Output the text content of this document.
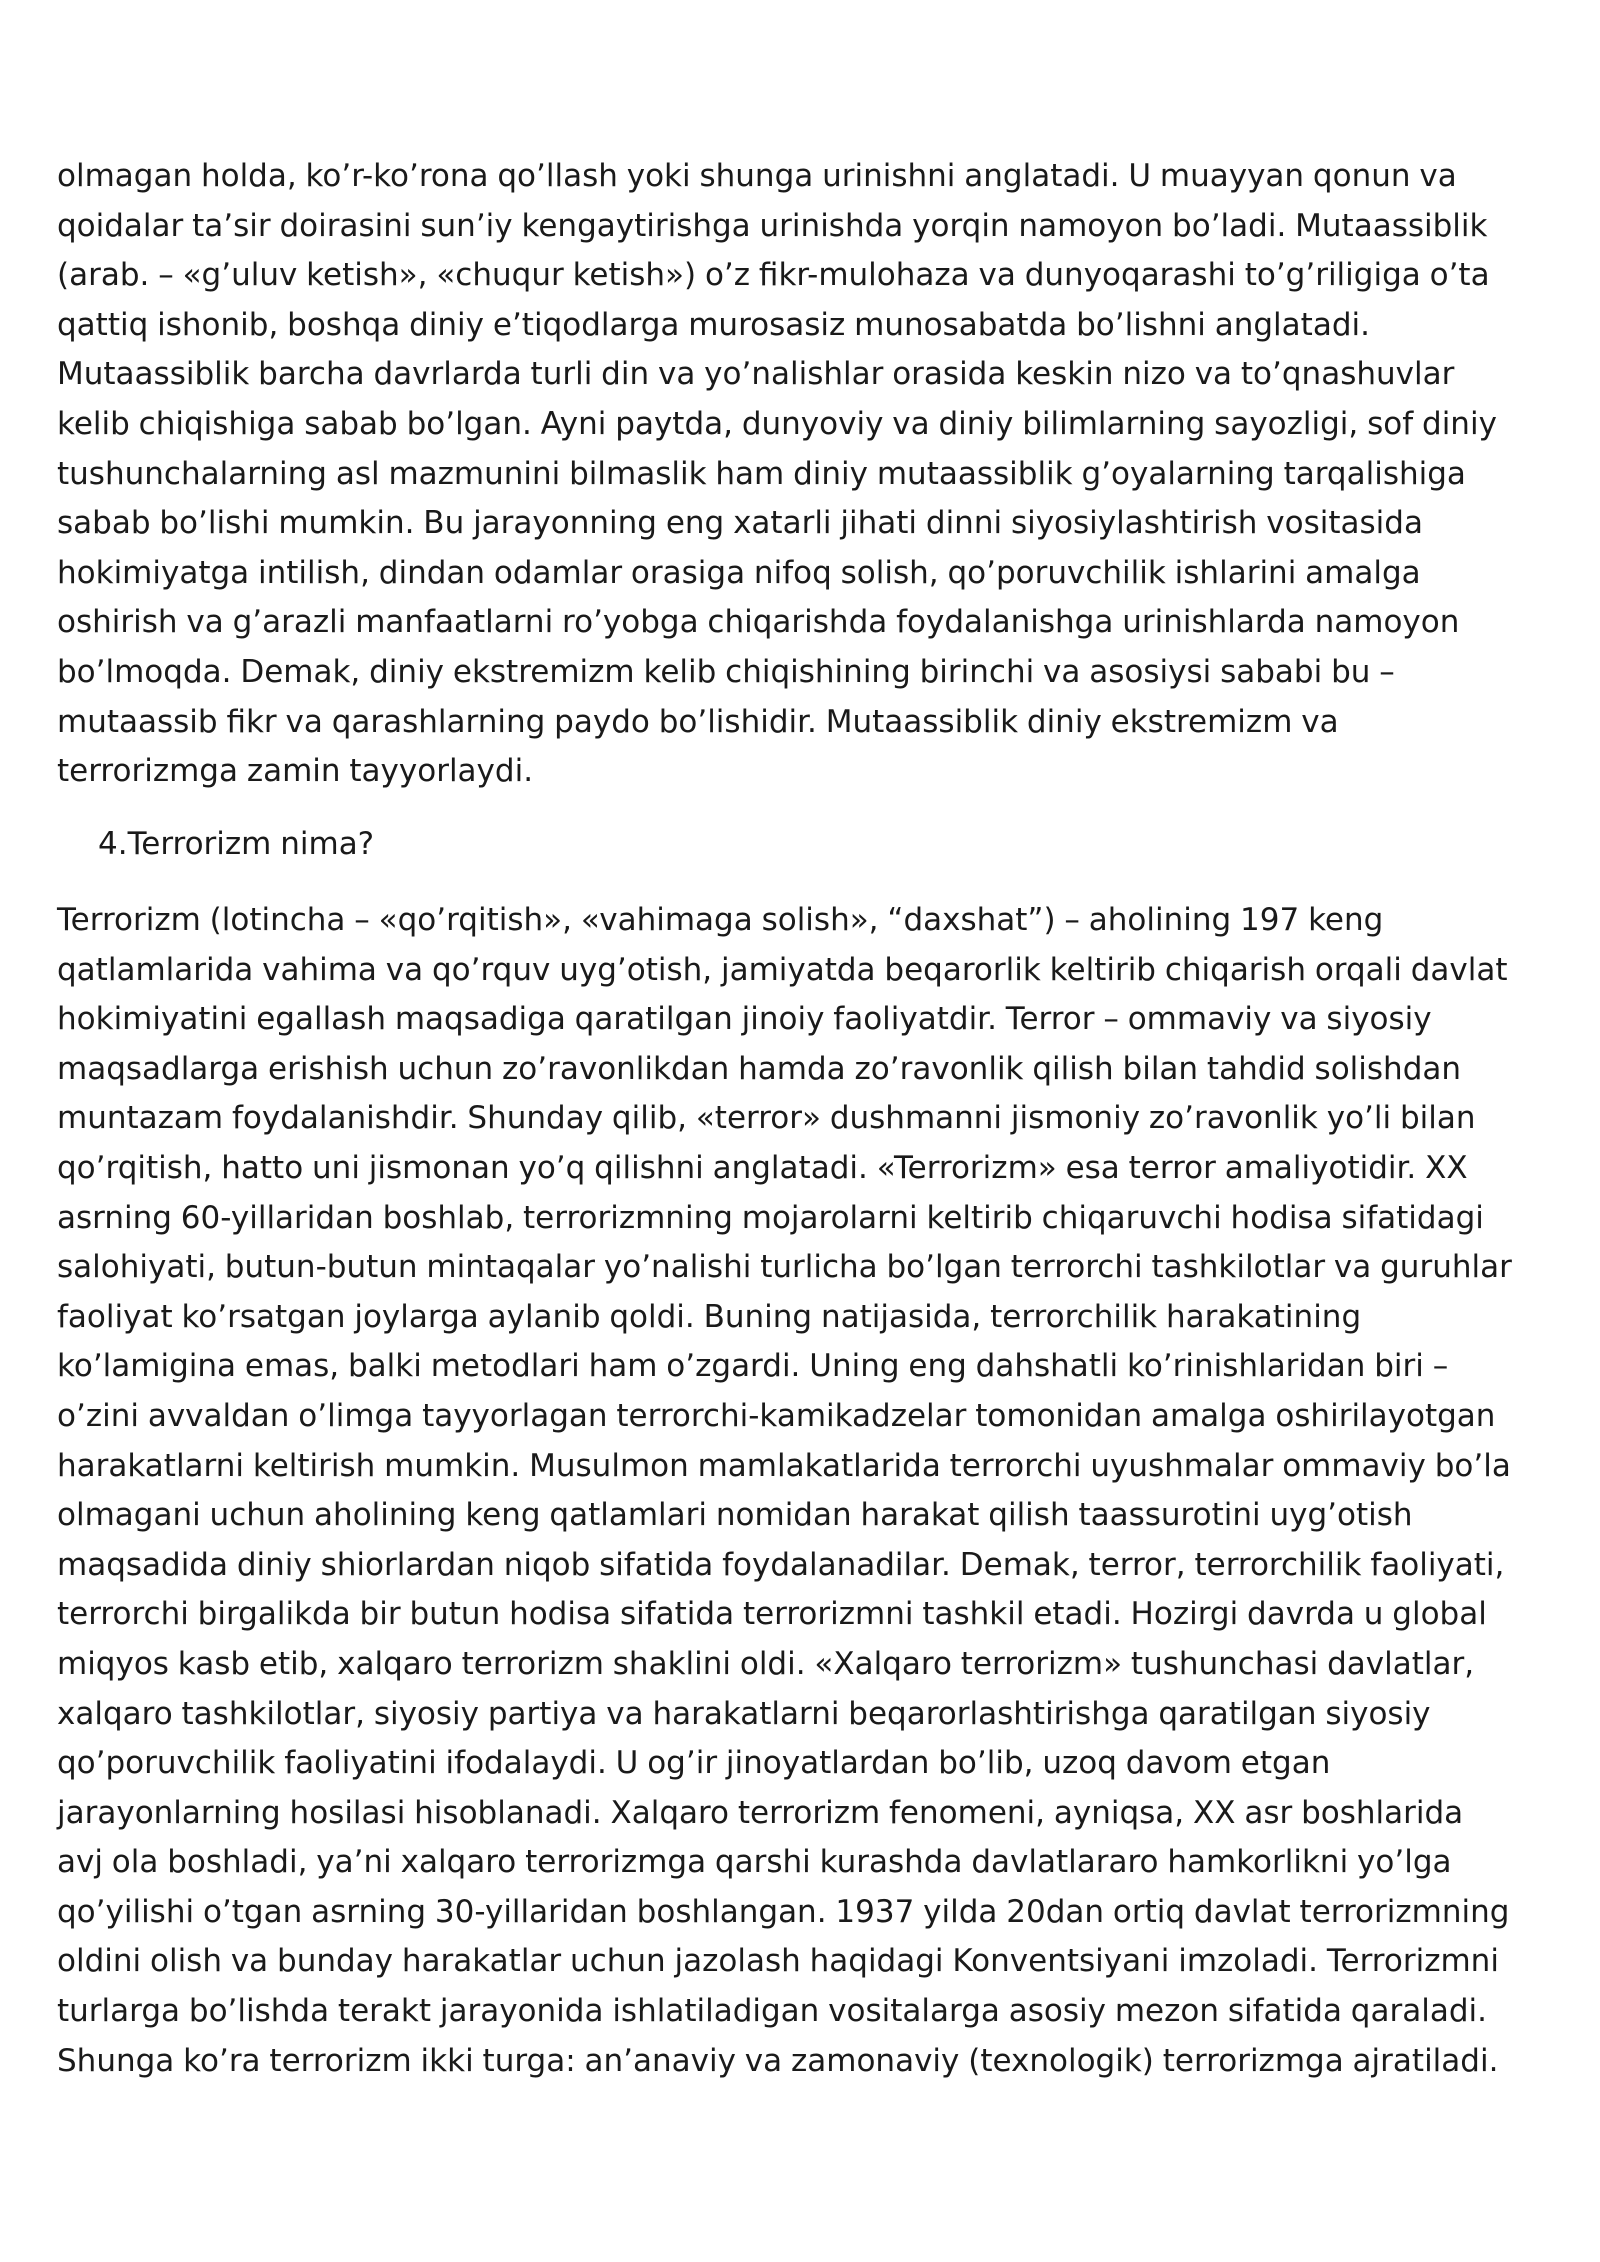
olmagan holda, ko’r-ko’rona qo’llash yoki shunga urinishni anglatadi. U muayyan qonun va qoidalar ta’sir doirasini sun’iy kengaytirishga urinishda yorqin namoyon bo’ladi. Mutaassiblik (arab. – «g’uluv ketish», «chuqur ketish») o’z fikr-mulohaza va dunyoqarashi to’g’riligiga o’ta qattiq ishonib, boshqa diniy e’tiqodlarga murosasiz munosabatda bo’lishni anglatadi. Mutaassiblik barcha davrlarda turli din va yo’nalishlar orasida keskin nizo va to’qnashuvlar kelib chiqishiga sabab bo’lgan. Ayni paytda, dunyoviy va diniy bilimlarning sayozligi, sof diniy tushunchalarning asl mazmunini bilmaslik ham diniy mutaassiblik g’oyalarning tarqalishiga sabab bo’lishi mumkin. Bu jarayonning eng xatarli jihati dinni siyosiylashtirish vositasida hokimiyatga intilish, dindan odamlar orasiga nifoq solish, qo’poruvchilik ishlarini amalga oshirish va g’arazli manfaatlarni ro’yobga chiqarishda foydalanishga urinishlarda namoyon bo’lmoqda. Demak, diniy ekstremizm kelib chiqishining birinchi va asosiysi sababi bu – mutaassib fikr va qarashlarning paydo bo’lishidir. Mutaassiblik diniy ekstremizm va terrorizmga zamin tayyorlaydi.

4.Terrorizm nima?

Terrorizm (lotincha – «qo’rqitish», «vahimaga solish», “daxshat”) – aholining 197 keng qatlamlarida vahima va qo’rquv uyg’otish, jamiyatda beqarorlik keltirib chiqarish orqali davlat hokimiyatini egallash maqsadiga qaratilgan jinoiy faoliyatdir. Terror – ommaviy va siyosiy maqsadlarga erishish uchun zo’ravonlikdan hamda zo’ravonlik qilish bilan tahdid solishdan muntazam foydalanishdir. Shunday qilib, «terror» dushmanni jismoniy zo’ravonlik yo’li bilan qo’rqitish, hatto uni jismonan yo’q qilishni anglatadi. «Terrorizm» esa terror amaliyotidir. XX asrning 60-yillaridan boshlab, terrorizmning mojarolarni keltirib chiqaruvchi hodisa sifatidagi salohiyati, butun-butun mintaqalar yo’nalishi turlicha bo’lgan terrorchi tashkilotlar va guruhlar faoliyat ko’rsatgan joylarga aylanib qoldi. Buning natijasida, terrorchilik harakatining ko’lamigina emas, balki metodlari ham o’zgardi. Uning eng dahshatli ko’rinishlaridan biri – o’zini avvaldan o’limga tayyorlagan terrorchi-kamikadzelar tomonidan amalga oshirilayotgan harakatlarni keltirish mumkin. Musulmon mamlakatlarida terrorchi uyushmalar ommaviy bo’la olmagani uchun aholining keng qatlamlari nomidan harakat qilish taassurotini uyg’otish maqsadida diniy shiorlardan niqob sifatida foydalanadilar. Demak, terror, terrorchilik faoliyati, terrorchi birgalikda bir butun hodisa sifatida terrorizmni tashkil etadi. Hozirgi davrda u global miqyos kasb etib, xalqaro terrorizm shaklini oldi. «Xalqaro terrorizm» tushunchasi davlatlar, xalqaro tashkilotlar, siyosiy partiya va harakatlarni beqarorlashtirishga qaratilgan siyosiy qo’poruvchilik faoliyatini ifodalaydi. U og’ir jinoyatlardan bo’lib, uzoq davom etgan jarayonlarning hosilasi hisoblanadi. Xalqaro terrorizm fenomeni, ayniqsa, XX asr boshlarida avj ola boshladi, ya’ni xalqaro terrorizmga qarshi kurashda davlatlararo hamkorlikni yo’lga qo’yilishi o’tgan asrning 30-yillaridan boshlangan. 1937 yilda 20dan ortiq davlat terrorizmning oldini olish va bunday harakatlar uchun jazolash haqidagi Konventsiyani imzoladi. Terrorizmni turlarga bo’lishda terakt jarayonida ishlatiladigan vositalarga asosiy mezon sifatida qaraladi. Shunga ko’ra terrorizm ikki turga: an’anaviy va zamonaviy (texnologik) terrorizmga ajratiladi.
